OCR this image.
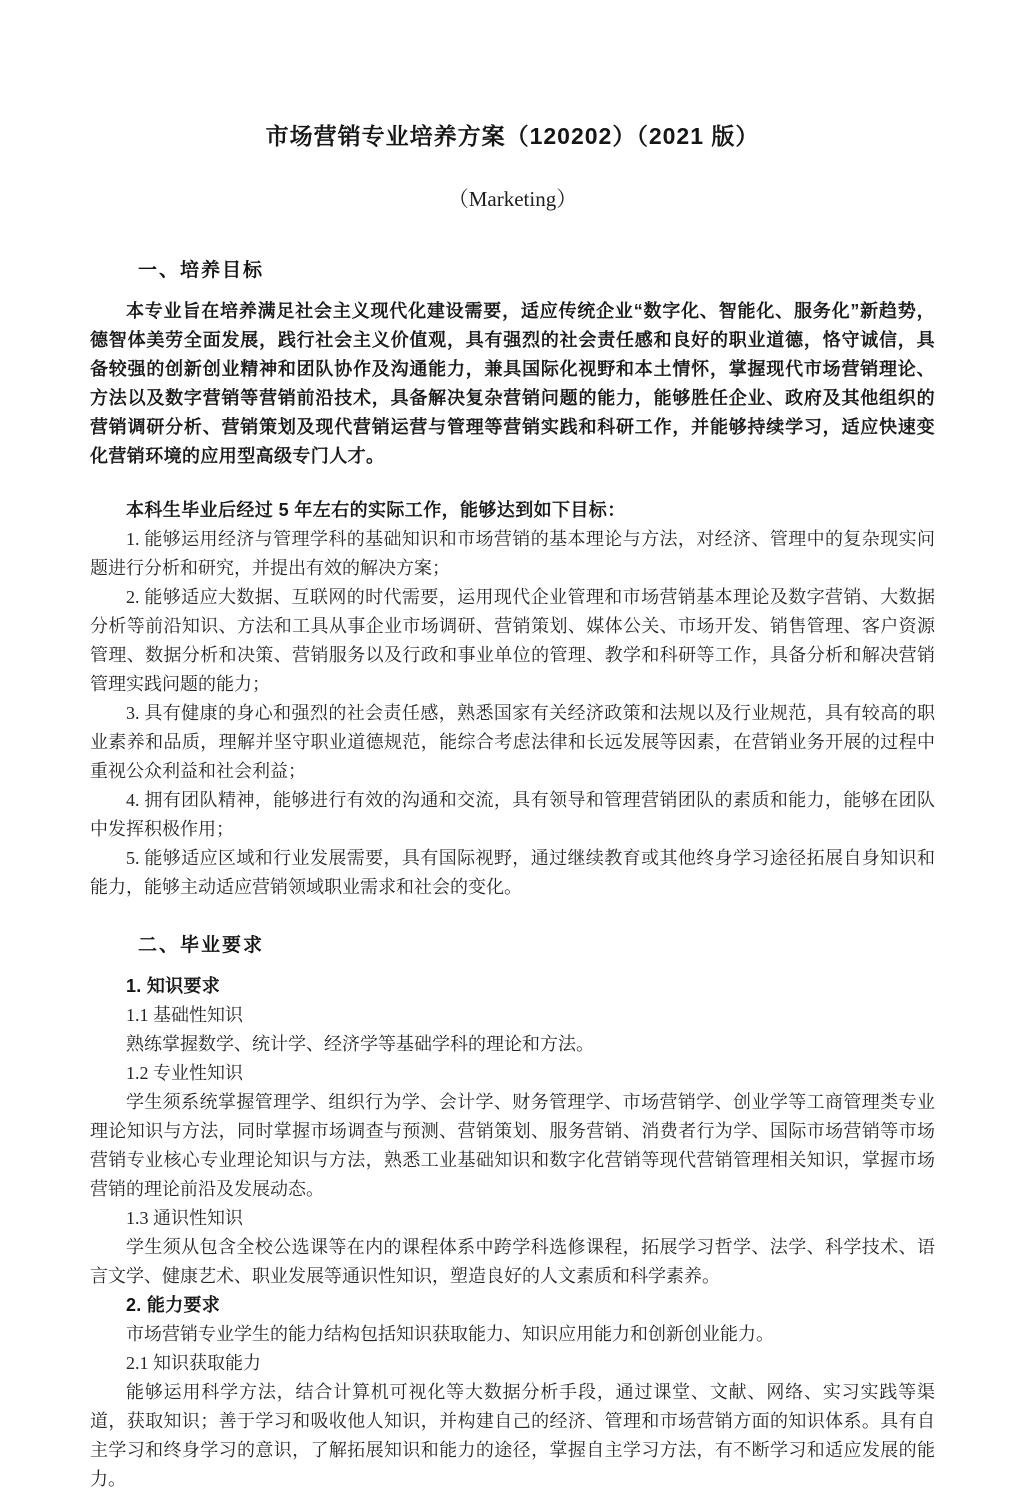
市场营销专业培养方案（120202）（2021 版）
（Marketing）
一、培养目标

本专业旨在培养满足社会主义现代化建设需要，适应传统企业“数字化、智能化、服务化”新趋势，德智体美劳全面发展，践行社会主义价值观，具有强烈的社会责任感和良好的职业道德，恪守诚信，具备较强的创新创业精神和团队协作及沟通能力，兼具国际化视野和本土情怀，掌握现代市场营销理论、方法以及数字营销等营销前沿技术，具备解决复杂营销问题的能力，能够胜任企业、政府及其他组织的营销调研分析、营销策划及现代营销运营与管理等营销实践和科研工作，并能够持续学习，适应快速变化营销环境的应用型高级专门人才。

本科生毕业后经过 5 年左右的实际工作，能够达到如下目标：

1. 能够运用经济与管理学科的基础知识和市场营销的基本理论与方法，对经济、管理中的复杂现实问题进行分析和研究，并提出有效的解决方案；

2. 能够适应大数据、互联网的时代需要，运用现代企业管理和市场营销基本理论及数字营销、大数据分析等前沿知识、方法和工具从事企业市场调研、营销策划、媒体公关、市场开发、销售管理、客户资源管理、数据分析和决策、营销服务以及行政和事业单位的管理、教学和科研等工作，具备分析和解决营销管理实践问题的能力；

3. 具有健康的身心和强烈的社会责任感，熟悉国家有关经济政策和法规以及行业规范，具有较高的职业素养和品质，理解并坚守职业道德规范，能综合考虑法律和长远发展等因素，在营销业务开展的过程中重视公众利益和社会利益；

4. 拥有团队精神，能够进行有效的沟通和交流，具有领导和管理营销团队的素质和能力，能够在团队中发挥积极作用；

5. 能够适应区域和行业发展需要，具有国际视野，通过继续教育或其他终身学习途径拓展自身知识和能力，能够主动适应营销领域职业需求和社会的变化。

二、毕业要求

1. 知识要求

1.1 基础性知识

熟练掌握数学、统计学、经济学等基础学科的理论和方法。

1.2 专业性知识

学生须系统掌握管理学、组织行为学、会计学、财务管理学、市场营销学、创业学等工商管理类专业理论知识与方法，同时掌握市场调查与预测、营销策划、服务营销、消费者行为学、国际市场营销等市场营销专业核心专业理论知识与方法，熟悉工业基础知识和数字化营销等现代营销管理相关知识，掌握市场营销的理论前沿及发展动态。

1.3 通识性知识

学生须从包含全校公选课等在内的课程体系中跨学科选修课程，拓展学习哲学、法学、科学技术、语言文学、健康艺术、职业发展等通识性知识，塑造良好的人文素质和科学素养。

2. 能力要求

市场营销专业学生的能力结构包括知识获取能力、知识应用能力和创新创业能力。

2.1 知识获取能力

能够运用科学方法，结合计算机可视化等大数据分析手段，通过课堂、文献、网络、实习实践等渠道，获取知识；善于学习和吸收他人知识，并构建自己的经济、管理和市场营销方面的知识体系。具有自主学习和终身学习的意识，了解拓展知识和能力的途径，掌握自主学习方法，有不断学习和适应发展的能力。
